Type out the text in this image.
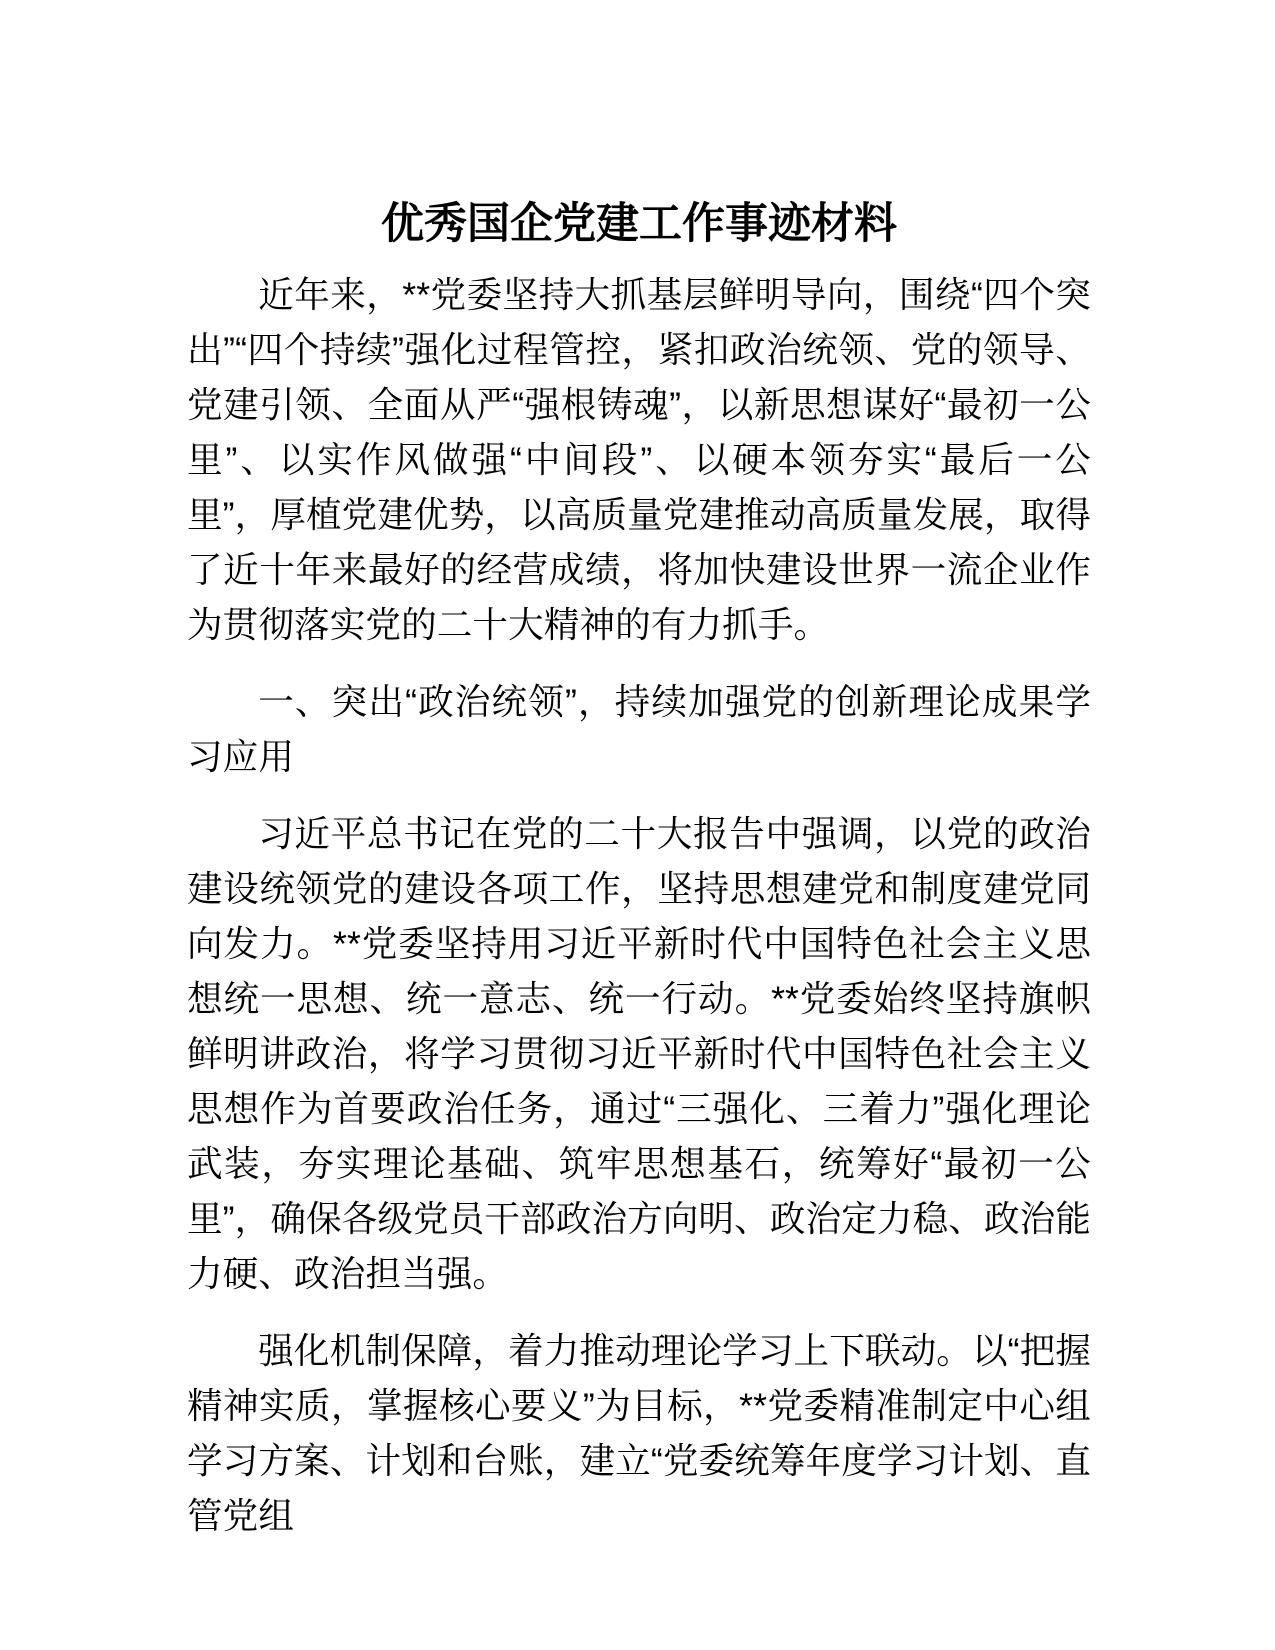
优秀国企党建工作事迹材料

近年来，**党委坚持大抓基层鲜明导向，围绕“四个突出”“四个持续”强化过程管控，紧扣政治统领、党的领导、党建引领、全面从严“强根铸魂”，以新思想谋好“最初一公里”、以实作风做强“中间段”、以硬本领夯实“最后一公里”，厚植党建优势，以高质量党建推动高质量发展，取得了近十年来最好的经营成绩，将加快建设世界一流企业作为贯彻落实党的二十大精神的有力抓手。

一、突出“政治统领”，持续加强党的创新理论成果学习应用

习近平总书记在党的二十大报告中强调，以党的政治建设统领党的建设各项工作，坚持思想建党和制度建党同向发力。**党委坚持用习近平新时代中国特色社会主义思想统一思想、统一意志、统一行动。**党委始终坚持旗帜鲜明讲政治，将学习贯彻习近平新时代中国特色社会主义思想作为首要政治任务，通过“三强化、三着力”强化理论武装，夯实理论基础、筑牢思想基石，统筹好“最初一公里”，确保各级党员干部政治方向明、政治定力稳、政治能力硬、政治担当强。

强化机制保障，着力推动理论学习上下联动。以“把握精神实质，掌握核心要义”为目标，**党委精准制定中心组学习方案、计划和台账，建立“党委统筹年度学习计划、直管党组
